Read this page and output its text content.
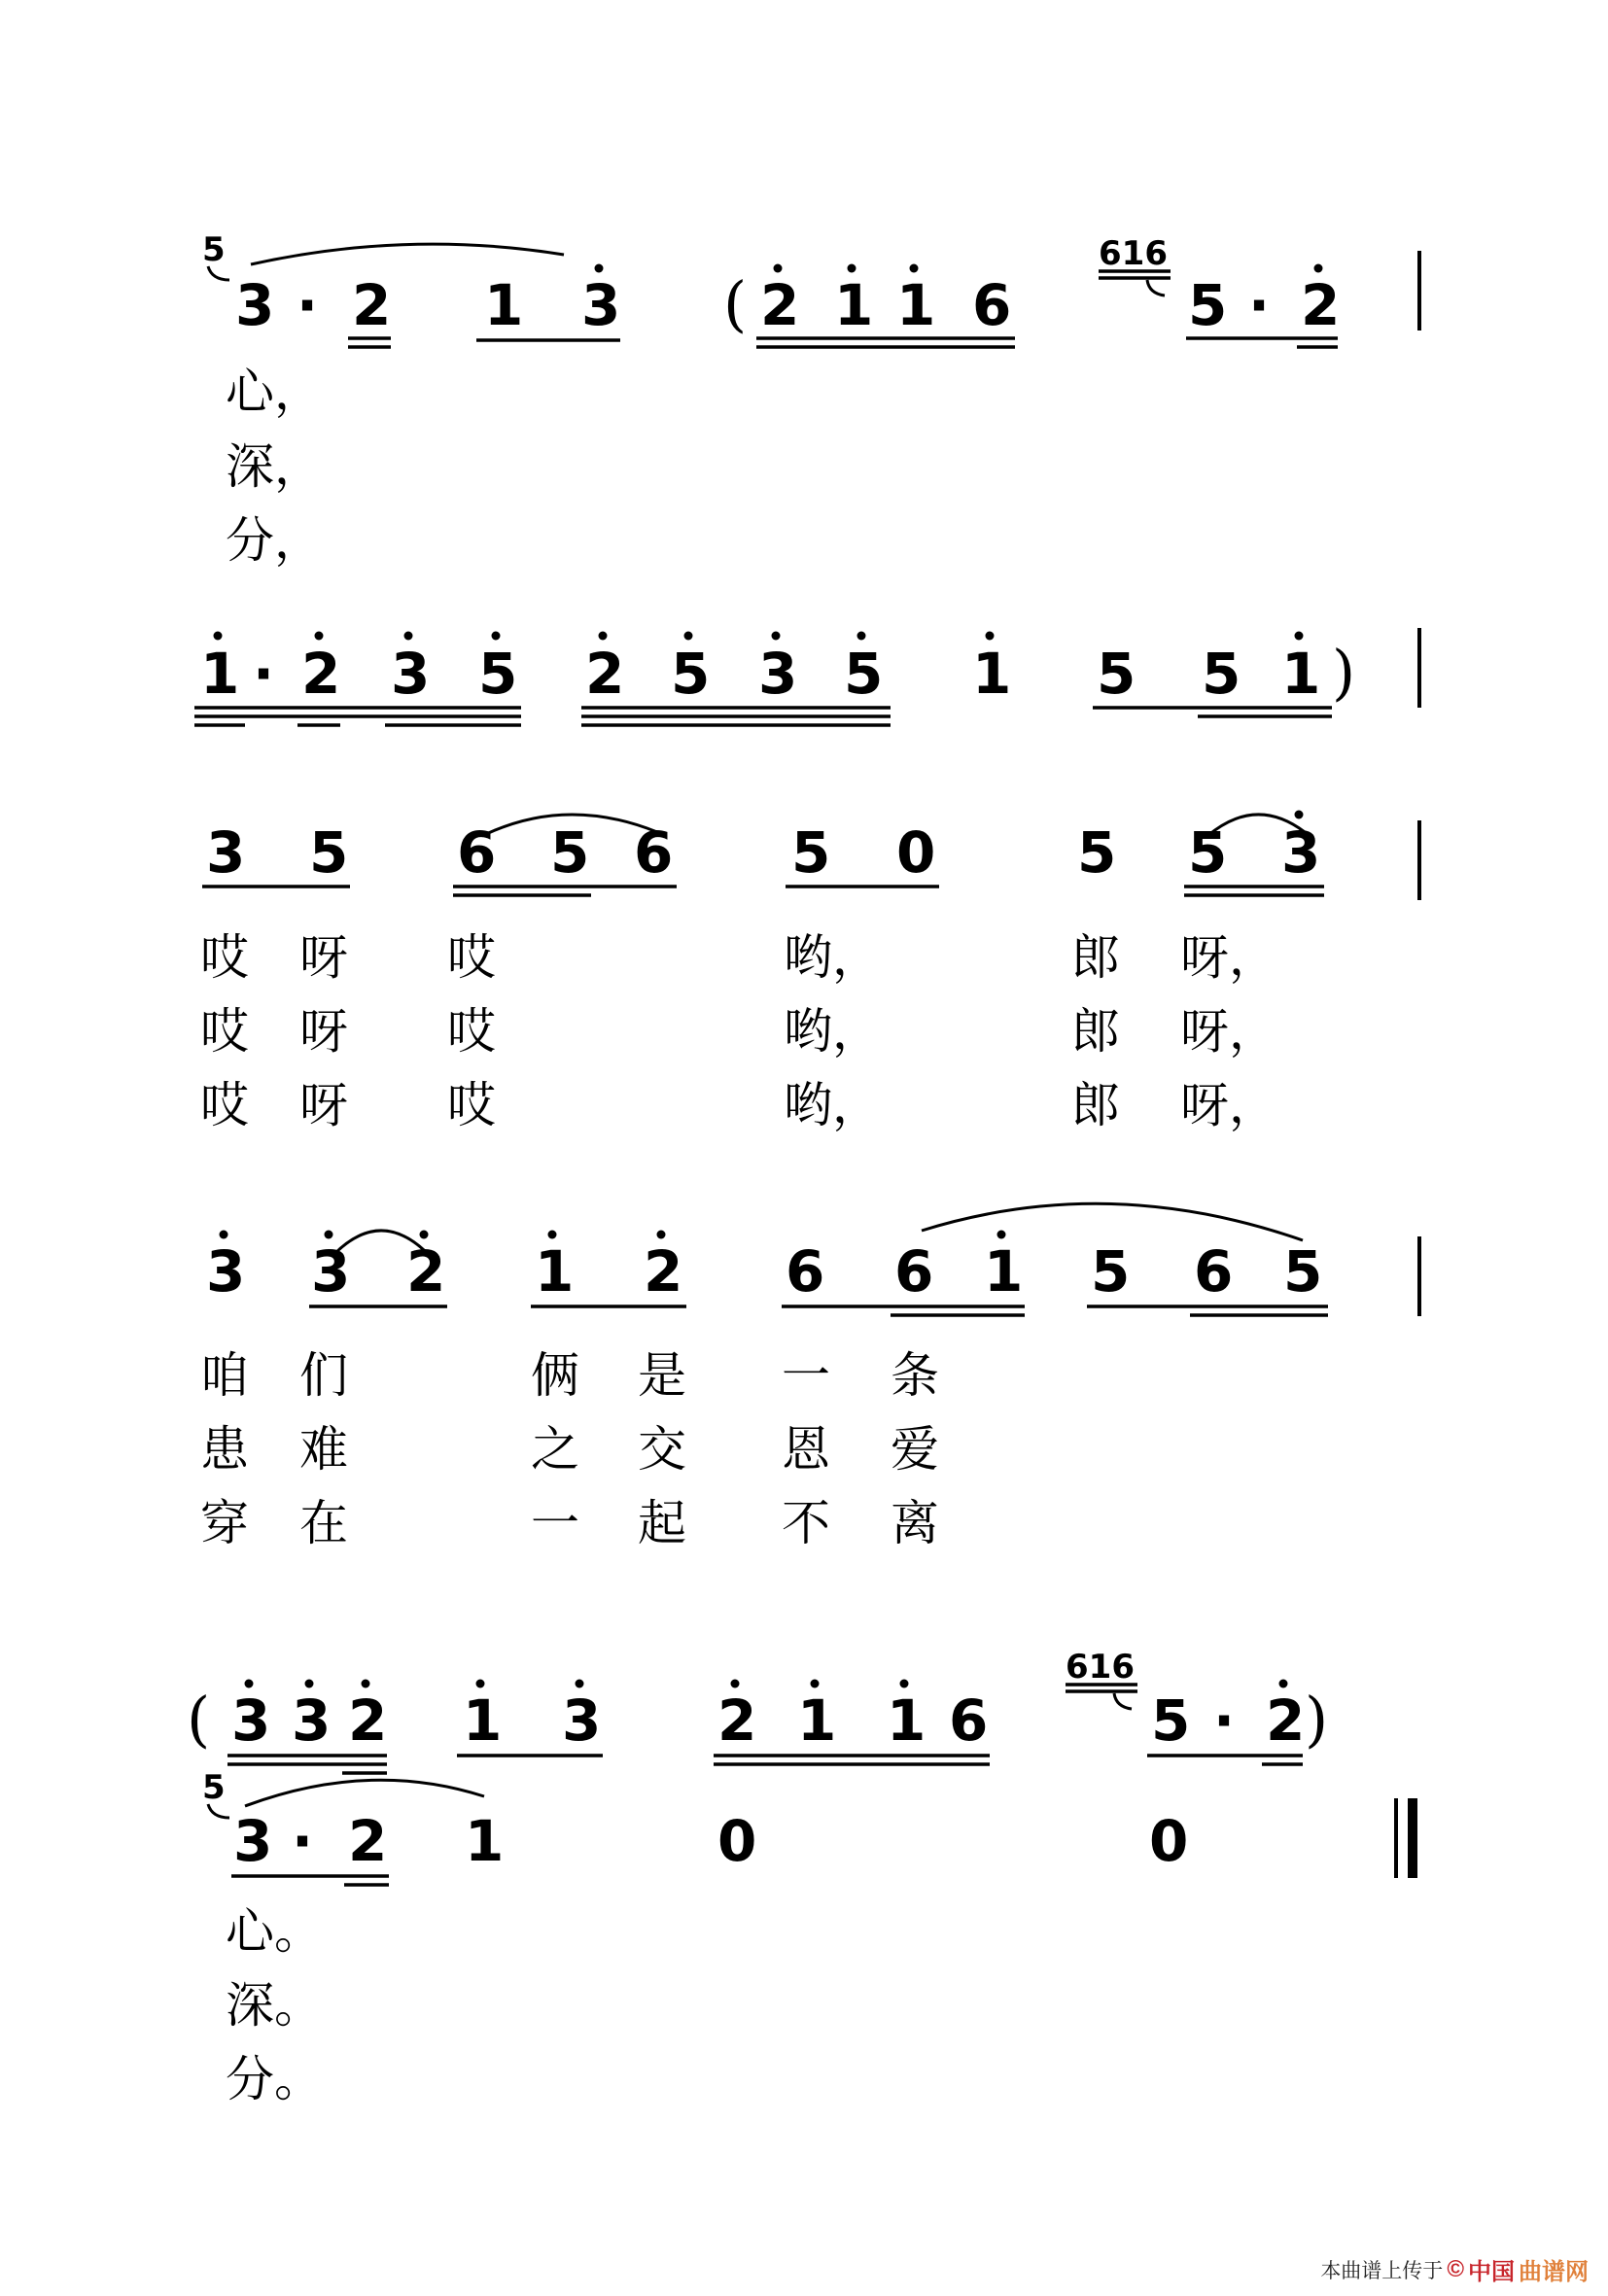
5
3 · 2 1 3 ( 2 1 1 6
616
5 · 2
心，
深，
分，
1 · 2 3 5 2 5 3 5 1 5 5 1 )
3 5 6 5 6 5 0	5 5 3
哎 呀 哎	哟，	郎 呀，
哎 呀 哎	哟，	郎 呀，
哎 呀 哎	哟，	郎 呀，
3 3 2 1 2 6 6 1 5 6 5
咱 们	俩 是 一 条
患 难	之 交 恩 爱
穿 在	一 起 不 离
( 3 3 2 1 3 2 1 1 6
616
5 · 2 )
5
3 · 2 1	0	0
心。
深。
分。
本曲谱上传于 © 中国 曲谱网
